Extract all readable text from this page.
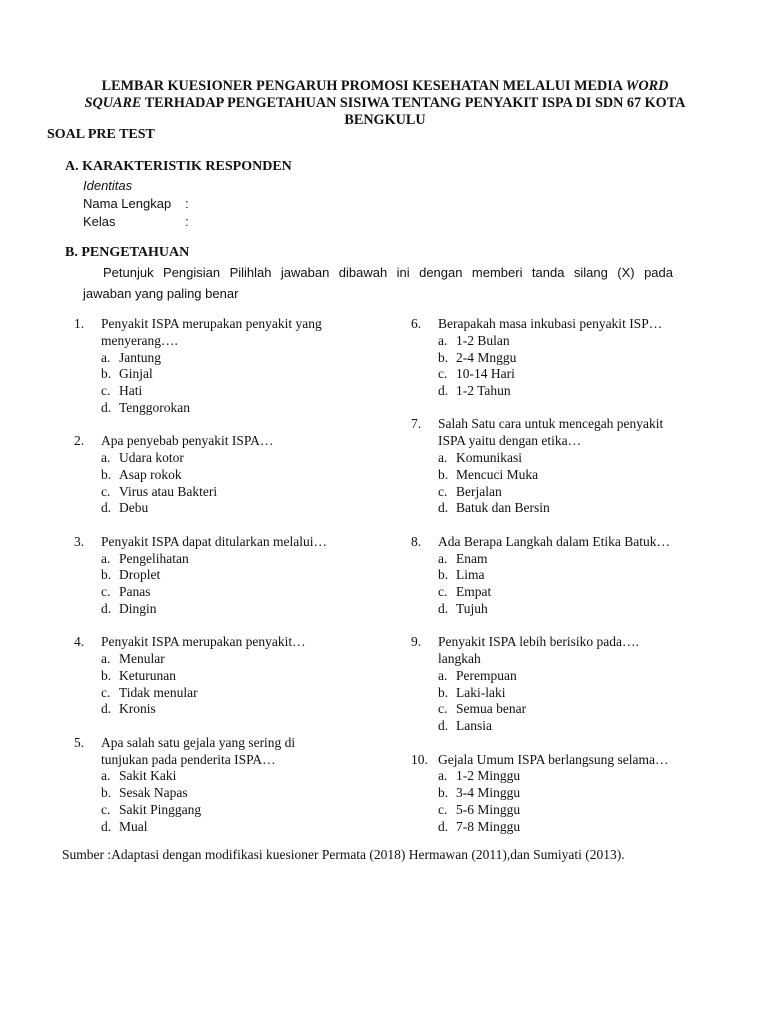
LEMBAR KUESIONER PENGARUH PROMOSI KESEHATAN MELALUI MEDIA WORD
SQUARE TERHADAP PENGETAHUAN SISIWA TENTANG PENYAKIT ISPA DI SDN 67 KOTA
BENGKULU
SOAL PRE TEST
A. KARAKTERISTIK RESPONDEN
Identitas
Nama Lengkap :
Kelas	:
B. PENGETAHUAN
Petunjuk Pengisian Pilihlah jawaban dibawah ini dengan memberi tanda silang (X) pada
jawaban yang paling benar
1.	Penyakit ISPA merupakan penyakit yang
menyerang….
a. Jantung
b. Ginjal
c. Hati
d. Tenggorokan
2.	Apa penyebab penyakit ISPA…
a. Udara kotor
b. Asap rokok
c. Virus atau Bakteri
d. Debu
3.	Penyakit ISPA dapat ditularkan melalui…
a. Pengelihatan
b. Droplet
c. Panas
d. Dingin
4.	Penyakit ISPA merupakan penyakit…
a. Menular
b. Keturunan
c. Tidak menular
d. Kronis
5.	Apa salah satu gejala yang sering di
tunjukan pada penderita ISPA…
a. Sakit Kaki
b. Sesak Napas
c. Sakit Pinggang
d. Mual
6.	Berapakah masa inkubasi penyakit ISP…
a. 1-2 Bulan
b. 2-4 Mnggu
c. 10-14 Hari
d. 1-2 Tahun
7.	Salah Satu cara untuk mencegah penyakit
ISPA yaitu dengan etika…
a. Komunikasi
b. Mencuci Muka
c. Berjalan
d. Batuk dan Bersin
8.	Ada Berapa Langkah dalam Etika Batuk…
a. Enam
b. Lima
c. Empat
d. Tujuh
9.	Penyakit ISPA lebih berisiko pada….
langkah
a. Perempuan
b. Laki-laki
c. Semua benar
d. Lansia
10. Gejala Umum ISPA berlangsung selama…
a. 1-2 Minggu
b. 3-4 Minggu
c. 5-6 Minggu
d. 7-8 Minggu
Sumber :Adaptasi dengan modifikasi kuesioner Permata (2018) Hermawan (2011),dan Sumiyati (2013).
